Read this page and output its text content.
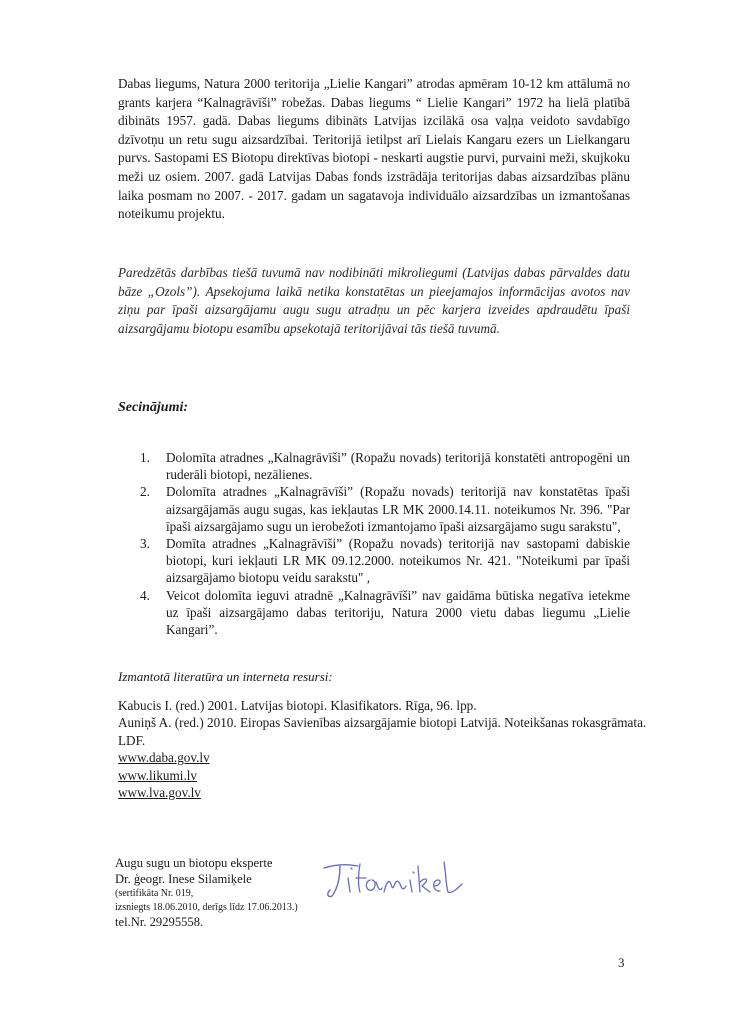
Dabas liegums, Natura 2000 teritorija „Lielie Kangari” atrodas apmēram 10-12 km attālumā no grants karjera “Kalnagrāvīši” robežas. Dabas liegums “ Lielie Kangari” 1972 ha lielā platībā dibināts 1957. gadā. Dabas liegums dibināts Latvijas izcilākā osa vaļņa veidoto savdabīgo dzīvotņu un retu sugu aizsardzībai. Teritorijā ietilpst arī Lielais Kangaru ezers un Lielkangaru purvs. Sastopami ES Biotopu direktīvas biotopi - neskarti augstie purvi, purvaini meži, skujkoku meži uz osiem. 2007. gadā Latvijas Dabas fonds izstrādāja teritorijas dabas aizsardzības plānu laika posmam no 2007. - 2017. gadam un sagatavoja individuālo aizsardzības un izmantošanas noteikumu projektu.

Paredzētās darbības tiešā tuvumā nav nodibināti mikroliegumi (Latvijas dabas pārvaldes datu bāze „Ozols”). Apsekojuma laikā netika konstatētas un pieejamajos informācijas avotos nav ziņu par īpaši aizsargājamu augu sugu atradņu un pēc karjera izveides apdraudētu īpaši aizsargājamu biotopu esamību apsekotajā teritorijāvai tās tiešā tuvumā.

Secinājumi:

1.	Dolomīta atradnes „Kalnagrāvīši” (Ropažu novads) teritorijā konstatēti antropogēni un ruderāli biotopi, nezālienes.
2.	Dolomīta atradnes „Kalnagrāvīši” (Ropažu novads) teritorijā nav konstatētas īpaši aizsargājamās augu sugas, kas iekļautas LR MK 2000.14.11. noteikumos Nr. 396. "Par īpaši aizsargājamo sugu un ierobežoti izmantojamo īpaši aizsargājamo sugu sarakstu",
3.	Domīta atradnes „Kalnagrāvīši” (Ropažu novads) teritorijā nav sastopami dabiskie biotopi, kuri iekļauti LR MK 09.12.2000. noteikumos Nr. 421. "Noteikumi par īpaši aizsargājamo biotopu veidu sarakstu" ,
4.	Veicot dolomīta ieguvi atradnē „Kalnagrāvīši” nav gaidāma būtiska negatīva ietekme uz īpaši aizsargājamo dabas teritoriju, Natura 2000 vietu dabas liegumu „Lielie Kangari”.

Izmantotā literatūra un interneta resursi:

Kabucis I. (red.) 2001. Latvijas biotopi. Klasifikators. Rīga, 96. lpp.
Auniņš A. (red.) 2010. Eiropas Savienības aizsargājamie biotopi Latvijā. Noteikšanas rokasgrāmata. LDF.
www.daba.gov.lv
www.likumi.lv
www.lva.gov.lv

Augu sugu un biotopu eksperte

Dr. ģeogr. Inese Silamiķele

(sertifikāta Nr. 019,

izsniegts 18.06.2010, derīgs līdz 17.06.2013.)

tel.Nr. 29295558.

3
